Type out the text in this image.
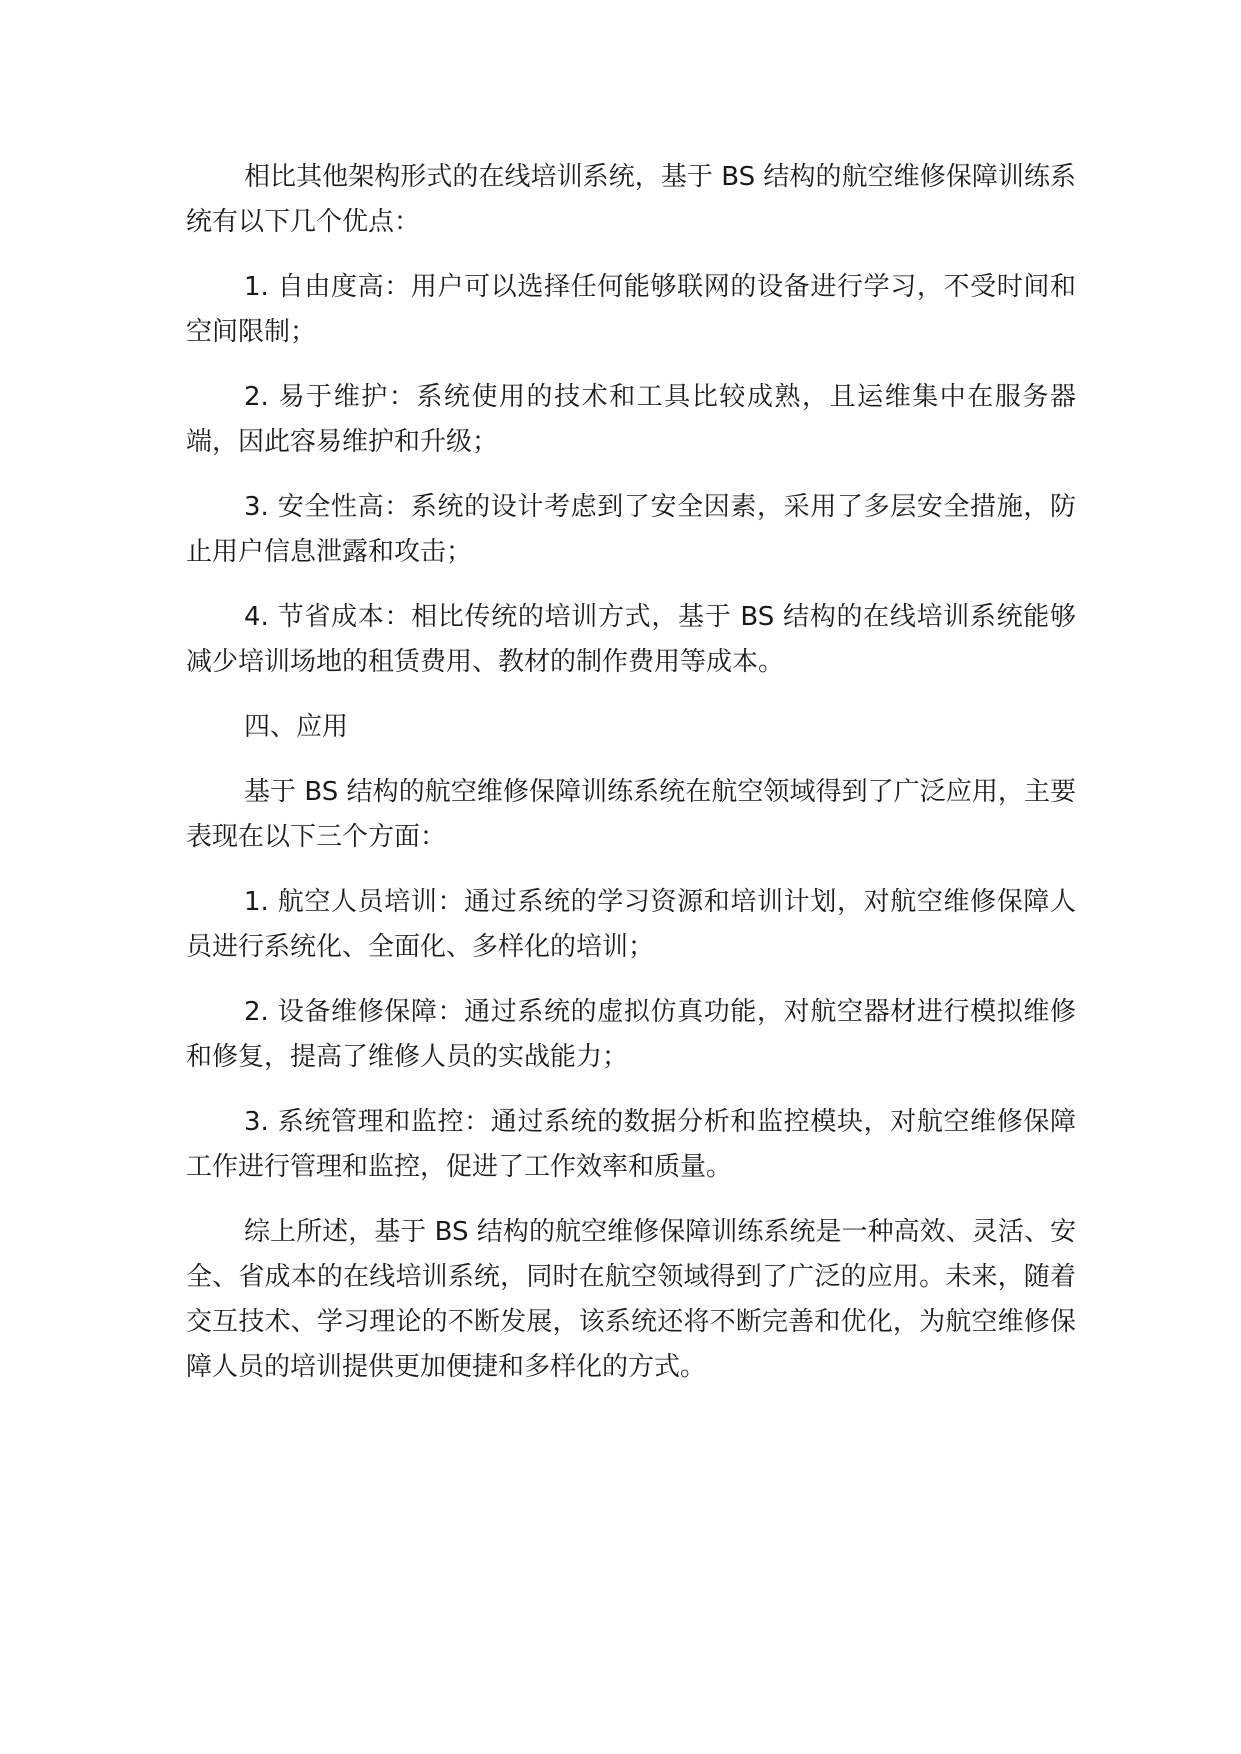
相比其他架构形式的在线培训系统，基于 BS 结构的航空维修保障训练系统有以下几个优点：

1. 自由度高：用户可以选择任何能够联网的设备进行学习，不受时间和空间限制；

2. 易于维护：系统使用的技术和工具比较成熟，且运维集中在服务器端，因此容易维护和升级；

3. 安全性高：系统的设计考虑到了安全因素，采用了多层安全措施，防止用户信息泄露和攻击；

4. 节省成本：相比传统的培训方式，基于 BS 结构的在线培训系统能够减少培训场地的租赁费用、教材的制作费用等成本。

四、应用

基于 BS 结构的航空维修保障训练系统在航空领域得到了广泛应用，主要表现在以下三个方面：

1. 航空人员培训：通过系统的学习资源和培训计划，对航空维修保障人员进行系统化、全面化、多样化的培训；

2. 设备维修保障：通过系统的虚拟仿真功能，对航空器材进行模拟维修和修复，提高了维修人员的实战能力；

3. 系统管理和监控：通过系统的数据分析和监控模块，对航空维修保障工作进行管理和监控，促进了工作效率和质量。

综上所述，基于 BS 结构的航空维修保障训练系统是一种高效、灵活、安全、省成本的在线培训系统，同时在航空领域得到了广泛的应用。未来，随着交互技术、学习理论的不断发展，该系统还将不断完善和优化，为航空维修保障人员的培训提供更加便捷和多样化的方式。
